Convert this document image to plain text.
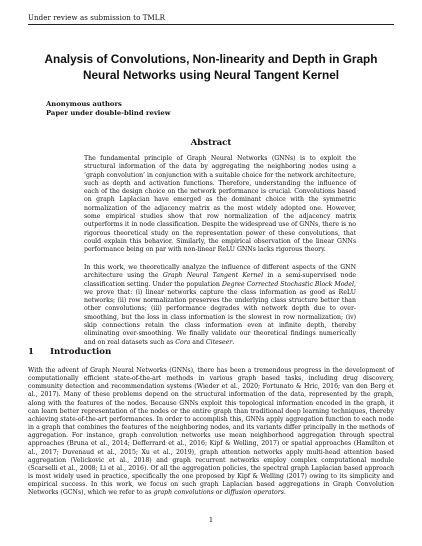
Under review as submission to TMLR
Analysis of Convolutions, Non-linearity and Depth in Graph Neural Networks using Neural Tangent Kernel
Anonymous authors
Paper under double-blind review
Abstract

The fundamental principle of Graph Neural Networks (GNNs) is to exploit the structural information of the data by aggregating the neighboring nodes using a ‘graph convolution’ in conjunction with a suitable choice for the network architecture, such as depth and activation functions. Therefore, understanding the influence of each of the design choice on the network performance is crucial. Convolutions based on graph Laplacian have emerged as the dominant choice with the symmetric normalization of the adjacency matrix as the most widely adopted one. However, some empirical studies show that row normalization of the adjacency matrix outperforms it in node classification. Despite the widespread use of GNNs, there is no rigorous theoretical study on the representation power of these convolutions, that could explain this behavior. Similarly, the empirical observation of the linear GNNs performance being on par with non-linear ReLU GNNs lacks rigorous theory.

In this work, we theoretically analyze the influence of different aspects of the GNN architecture using the Graph Neural Tangent Kernel in a semi-supervised node classification setting. Under the population Degree Corrected Stochastic Block Model, we prove that: (i) linear networks capture the class information as good as ReLU networks; (ii) row normalization preserves the underlying class structure better than other convolutions; (iii) performance degrades with network depth due to over-smoothing, but the loss in class information is the slowest in row normalization; (iv) skip connections retain the class information even at infinite depth, thereby eliminating over-smoothing. We finally validate our theoretical findings numerically and on real datasets such as Cora and Citeseer.

1 Introduction

With the advent of Graph Neural Networks (GNNs), there has been a tremendous progress in the development of computationally efficient state-of-the-art methods in various graph based tasks, including drug discovery, community detection and recommendation systems (Wieder et al., 2020; Fortunato & Hric, 2016; van den Berg et al., 2017). Many of these problems depend on the structural information of the data, represented by the graph, along with the features of the nodes. Because GNNs exploit this topological information encoded in the graph, it can learn better representation of the nodes or the entire graph than traditional deep learning techniques, thereby achieving state-of-the-art performances. In order to accomplish this, GNNs apply aggregation function to each node in a graph that combines the features of the neighboring nodes, and its variants differ principally in the methods of aggregation. For instance, graph convolution networks use mean neighborhood aggregation through spectral approaches (Bruna et al., 2014; Defferrard et al., 2016; Kipf & Welling, 2017) or spatial approaches (Hamilton et al., 2017; Duvenaud et al., 2015; Xu et al., 2019), graph attention networks apply multi-head attention based aggregation (Velickovic et al., 2018) and graph recurrent networks employ complex computational module (Scarselli et al., 2008; Li et al., 2016). Of all the aggregation policies, the spectral graph Laplacian based approach is most widely used in practice, specifically the one proposed by Kipf & Welling (2017) owing to its simplicity and empirical success. In this work, we focus on such graph Laplacian based aggregations in Graph Convolution Networks (GCNs), which we refer to as graph convolutions or diffusion operators.

1
